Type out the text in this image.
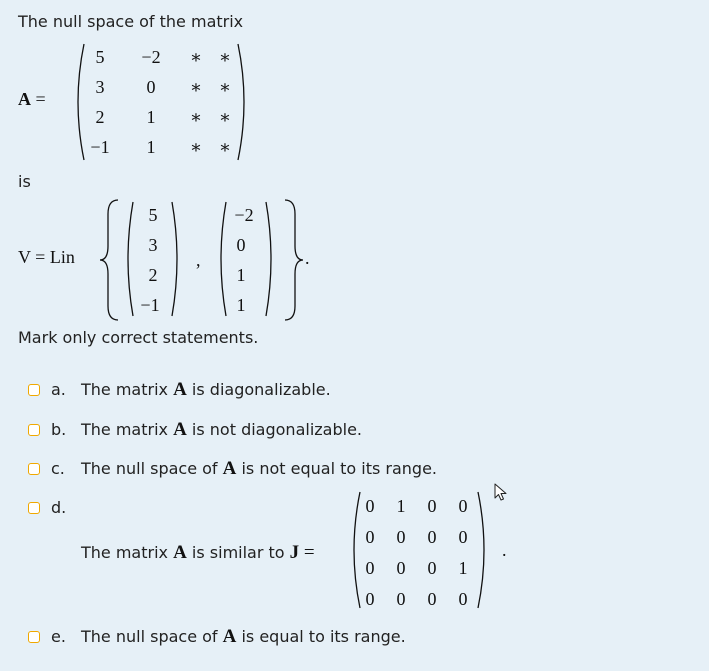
The null space of the matrix
A =
5	−2	∗ ∗
3	0	∗ ∗
2	1	∗ ∗
−1	1	∗ ∗
is
V = Lin
5
3
2
−1
,
−2
0
1
1
.
Mark only correct statements.
a. The matrix A is diagonalizable.
b. The matrix A is not diagonalizable.
c. The null space of A is not equal to its range.
d.
The matrix A is similar to J =
0	1	0	0
0	0	0	0
0	0	0	1
0	0	0	0
.
e. The null space of A is equal to its range.
